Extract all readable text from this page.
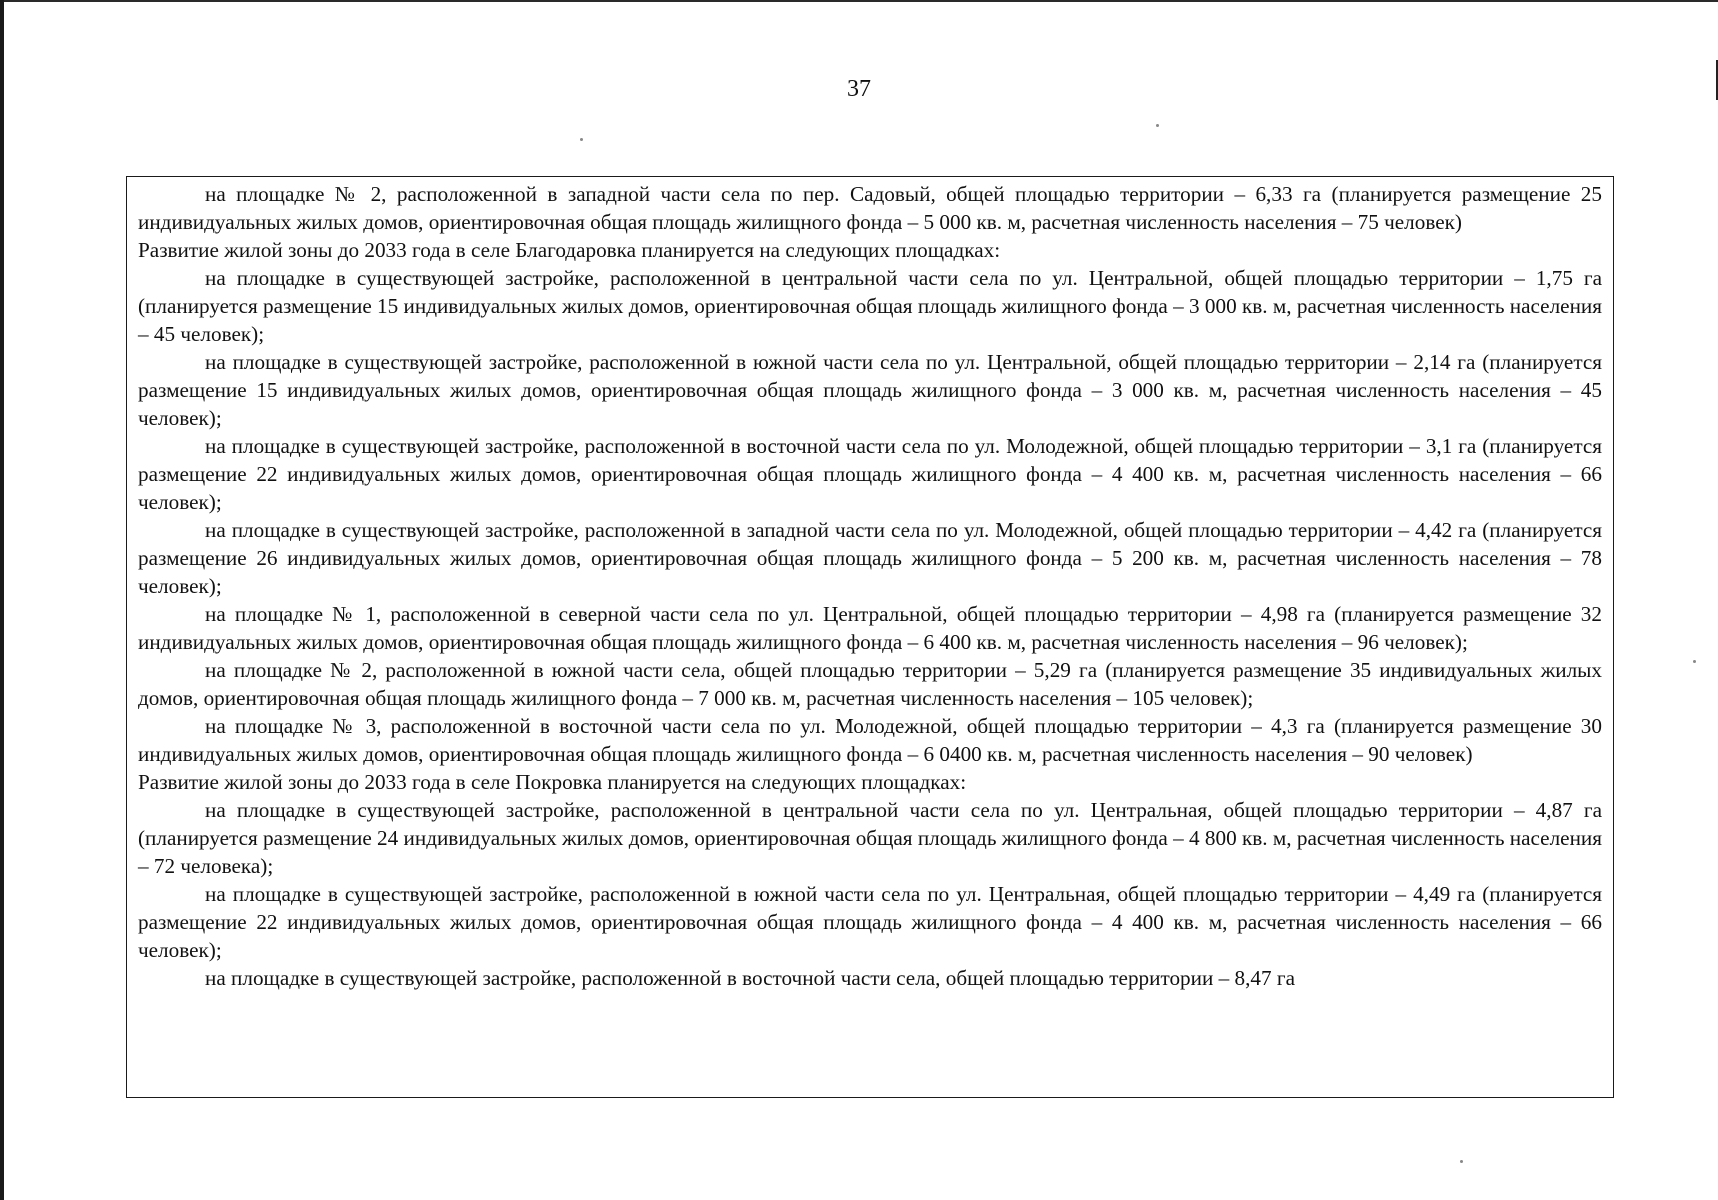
37

на площадке № 2, расположенной в западной части села по пер. Садовый, общей площадью территории – 6,33 га (планируется размещение 25 индивидуальных жилых домов, ориентировочная общая площадь жилищного фонда – 5 000 кв. м, расчетная численность населения – 75 человек)

Развитие жилой зоны до 2033 года в селе Благодаровка планируется на следующих площадках:

на площадке в существующей застройке, расположенной в центральной части села по ул. Центральной, общей площадью территории – 1,75 га (планируется размещение 15 индивидуальных жилых домов, ориентировочная общая площадь жилищного фонда – 3 000 кв. м, расчетная численность населения – 45 человек);

на площадке в существующей застройке, расположенной в южной части села по ул. Центральной, общей площадью территории – 2,14 га (планируется размещение 15 индивидуальных жилых домов, ориентировочная общая площадь жилищного фонда – 3 000 кв. м, расчетная численность населения – 45 человек);

на площадке в существующей застройке, расположенной в восточной части села по ул. Молодежной, общей площадью территории – 3,1 га (планируется размещение 22 индивидуальных жилых домов, ориентировочная общая площадь жилищного фонда – 4 400 кв. м, расчетная численность населения – 66 человек);

на площадке в существующей застройке, расположенной в западной части села по ул. Молодежной, общей площадью территории – 4,42 га (планируется размещение 26 индивидуальных жилых домов, ориентировочная общая площадь жилищного фонда – 5 200 кв. м, расчетная численность населения – 78 человек);

на площадке № 1, расположенной в северной части села по ул. Центральной, общей площадью территории – 4,98 га (планируется размещение 32 индивидуальных жилых домов, ориентировочная общая площадь жилищного фонда – 6 400 кв. м, расчетная численность населения – 96 человек);

на площадке № 2, расположенной в южной части села, общей площадью территории – 5,29 га (планируется размещение 35 индивидуальных жилых домов, ориентировочная общая площадь жилищного фонда – 7 000 кв. м, расчетная численность населения – 105 человек);

на площадке № 3, расположенной в восточной части села по ул. Молодежной, общей площадью территории – 4,3 га (планируется размещение 30 индивидуальных жилых домов, ориентировочная общая площадь жилищного фонда – 6 0400 кв. м, расчетная численность населения – 90 человек)

Развитие жилой зоны до 2033 года в селе Покровка планируется на следующих площадках:

на площадке в существующей застройке, расположенной в центральной части села по ул. Центральная, общей площадью территории – 4,87 га (планируется размещение 24 индивидуальных жилых домов, ориентировочная общая площадь жилищного фонда – 4 800 кв. м, расчетная численность населения – 72 человека);

на площадке в существующей застройке, расположенной в южной части села по ул. Центральная, общей площадью территории – 4,49 га (планируется размещение 22 индивидуальных жилых домов, ориентировочная общая площадь жилищного фонда – 4 400 кв. м, расчетная численность населения – 66 человек);

на площадке в существующей застройке, расположенной в восточной части села, общей площадью территории – 8,47 га
